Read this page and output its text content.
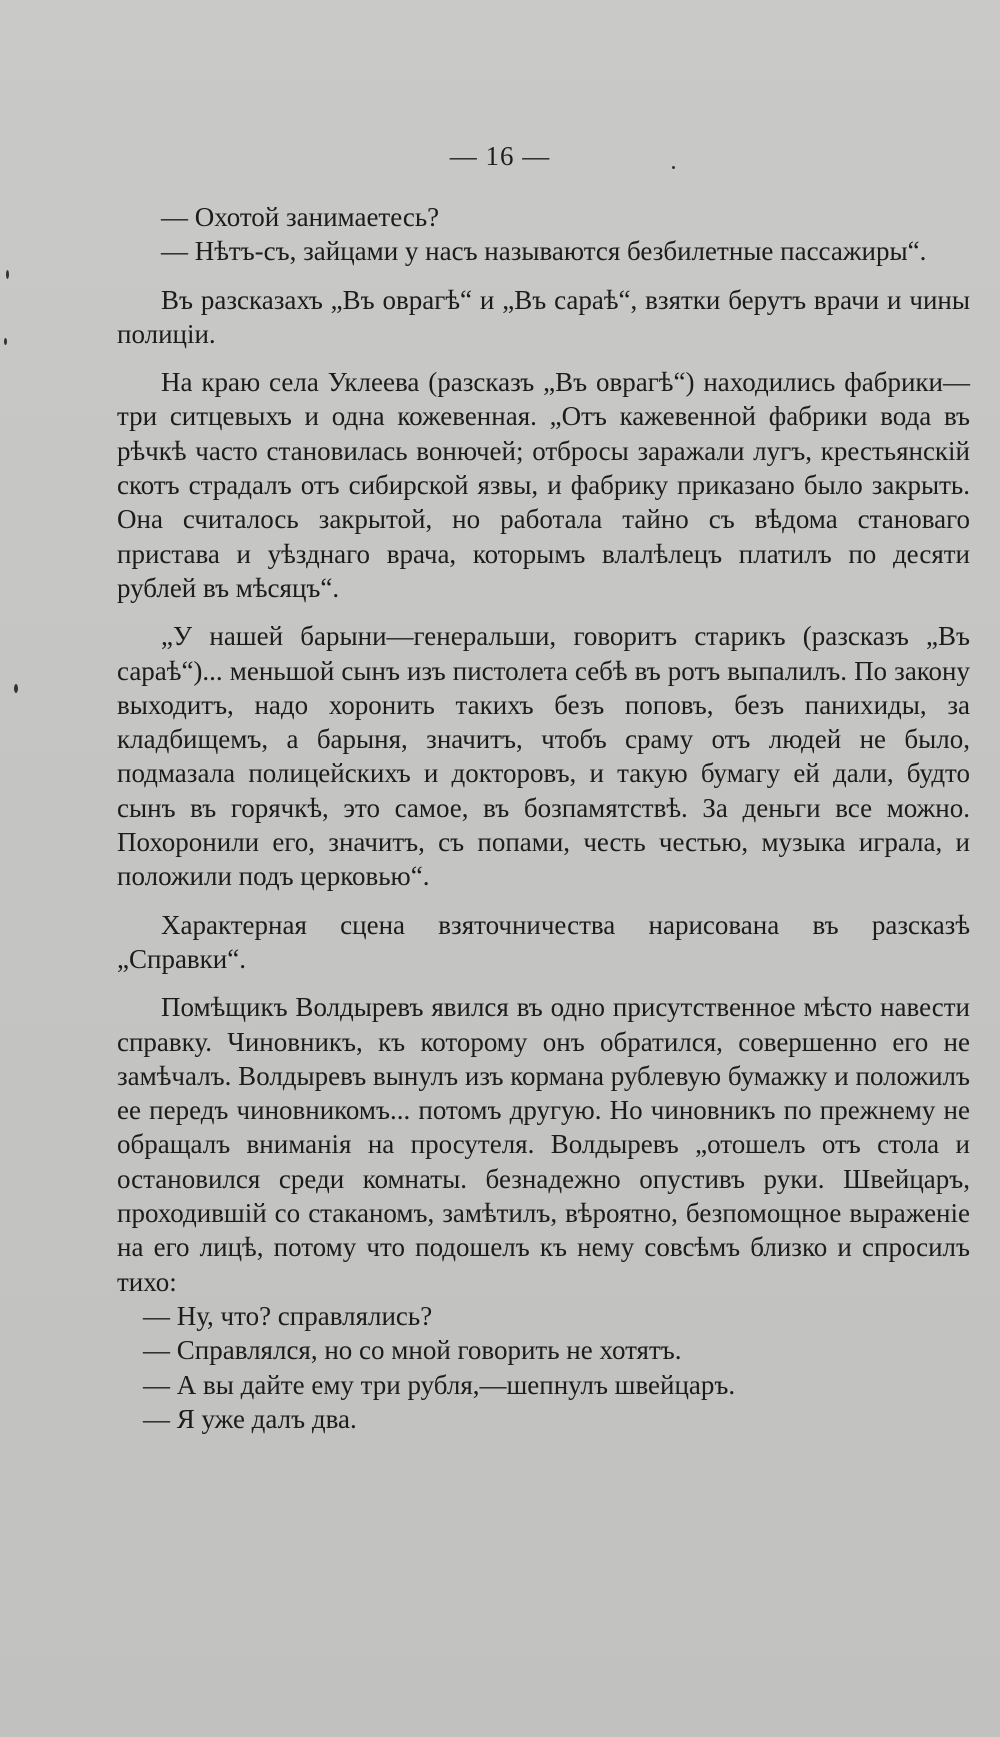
— 16 —

— Охотой занимаетесь?

— Нѣтъ-съ, зайцами у насъ называются безбилетные пассажиры“.

Въ разсказахъ „Въ оврагѣ“ и „Въ сараѣ“, взятки берутъ врачи и чины полиціи.

На краю села Уклеева (разсказъ „Въ оврагѣ“) находились фабрики—три ситцевыхъ и одна кожевенная. „Отъ кажевенной фабрики вода въ рѣчкѣ часто становилась вонючей; отбросы заражали лугъ, крестьянскій скотъ страдалъ отъ сибирской язвы, и фабрику приказано было закрыть. Она считалось закрытой, но работала тайно съ вѣдома становаго пристава и уѣзднаго врача, которымъ влалѣлецъ платилъ по десяти рублей въ мѣсяцъ“.

„У нашей барыни—генеральши, говоритъ старикъ (разсказъ „Въ сараѣ“)... меньшой сынъ изъ пистолета себѣ въ ротъ выпалилъ. По закону выходитъ, надо хоронить такихъ безъ поповъ, безъ панихиды, за кладбищемъ, а барыня, значитъ, чтобъ сраму отъ людей не было, подмазала полицейскихъ и докторовъ, и такую бумагу ей дали, будто сынъ въ горячкѣ, это самое, въ бозпамятствѣ. За деньги все можно. Похоронили его, значитъ, съ попами, честь честью, музыка играла, и положили подъ церковью“.

Характерная сцена взяточничества нарисована въ разсказѣ „Справки“.

Помѣщикъ Волдыревъ явился въ одно присутственное мѣсто навести справку. Чиновникъ, къ которому онъ обратился, совершенно его не замѣчалъ. Волдыревъ вынулъ изъ кормана рублевую бумажку и положилъ ее передъ чиновникомъ... потомъ другую. Но чиновникъ по прежнему не обращалъ вниманія на просутеля. Волдыревъ „отошелъ отъ стола и остановился среди комнаты. безнадежно опустивъ руки. Швейцаръ, проходившій со стаканомъ, замѣтилъ, вѣроятно, безпомощное выраженіе на его лицѣ, потому что подошелъ къ нему совсѣмъ близко и спросилъ тихо:

— Ну, что? справлялись?

— Справлялся, но со мной говорить не хотятъ.

— А вы дайте ему три рубля,—шепнулъ швейцаръ.

— Я уже далъ два.
